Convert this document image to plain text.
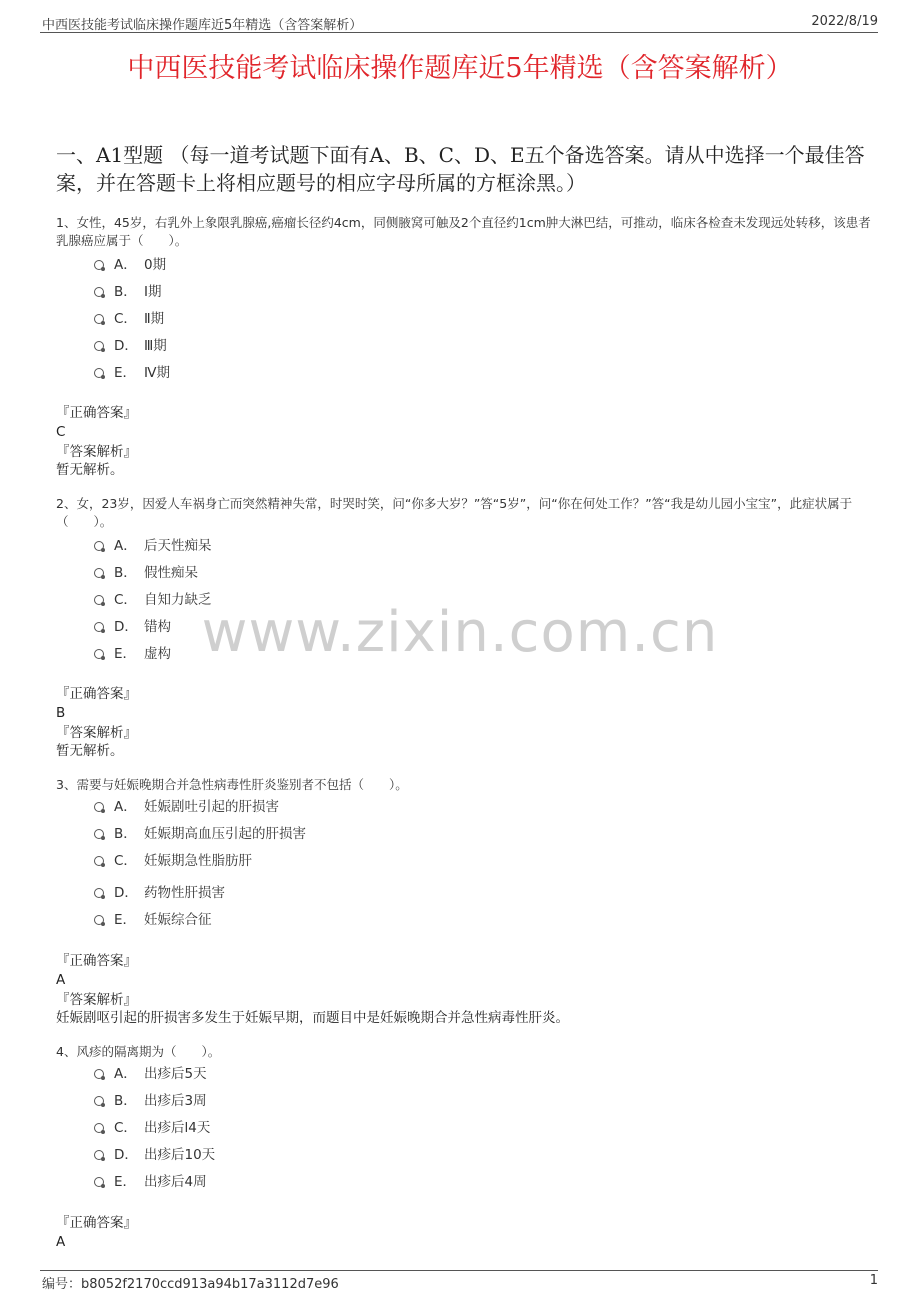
中西医技能考试临床操作题库近5年精选（含答案解析）	2022/8/19
中西医技能考试临床操作题库近5年精选（含答案解析）
一、A1型题 （每一道考试题下面有A、B、C、D、E五个备选答案。请从中选择一个最佳答案，并在答题卡上将相应题号的相应字母所属的方框涂黑。）
www.zixin.com.cn
1、女性，45岁，右乳外上象限乳腺癌,癌瘤长径约4cm，同侧腋窝可触及2个直径约1cm肿大淋巴结，可推动，临床各检查未发现远处转移，该患者乳腺癌应属于（　　）。
A． 0期
B． Ⅰ期
C． Ⅱ期
D． Ⅲ期
E． Ⅳ期
『正确答案』
C
『答案解析』
暂无解析。
2、女，23岁，因爱人车祸身亡而突然精神失常，时哭时笑，问“你多大岁？”答“5岁”，问“你在何处工作？”答“我是幼儿园小宝宝”，此症状属于（　　）。
A． 后天性痴呆
B． 假性痴呆
C． 自知力缺乏
D． 错构
E． 虚构
『正确答案』
B
『答案解析』
暂无解析。
3、需要与妊娠晚期合并急性病毒性肝炎鉴别者不包括（　　）。
A． 妊娠剧吐引起的肝损害
B． 妊娠期高血压引起的肝损害
C． 妊娠期急性脂肪肝
D． 药物性肝损害
E． 妊娠综合征
『正确答案』
A
『答案解析』
妊娠剧呕引起的肝损害多发生于妊娠早期，而题目中是妊娠晚期合并急性病毒性肝炎。
4、风疹的隔离期为（　　）。
A． 出疹后5天
B． 出疹后3周
C． 出疹后l4天
D． 出疹后10天
E． 出疹后4周
『正确答案』
A
编号：b8052f2170ccd913a94b17a3112d7e96	1
